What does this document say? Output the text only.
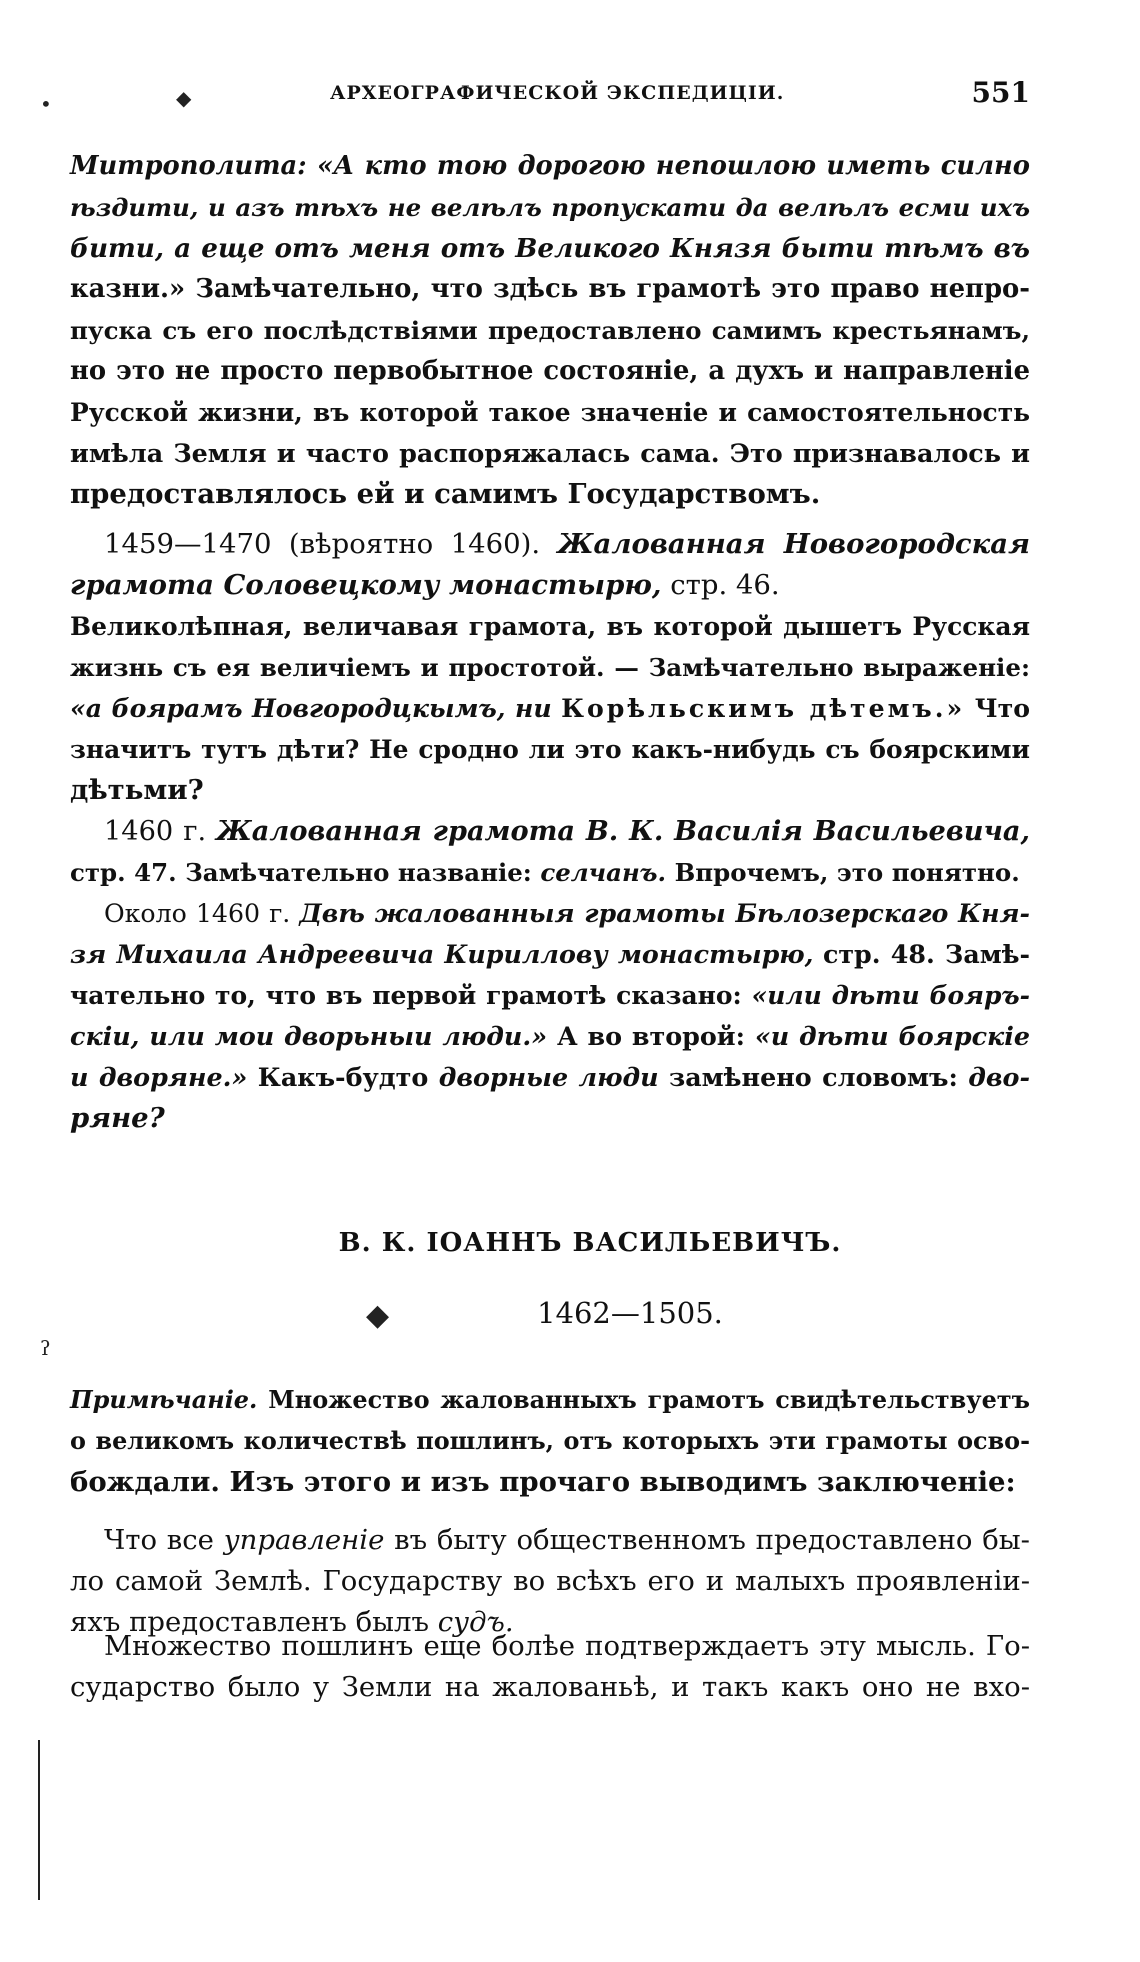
АРХЕОГРАФИЧЕСКОЙ ЭКСПЕДИЦІИ.	551
•	◆
Митрополита: «А кто тою дорогою непошлою иметь силно
ѣздити, и азъ тѣхъ не велѣлъ пропускати да велѣлъ есми ихъ
бити, а еще отъ меня отъ Великого Князя быти тѣмъ въ
казни.» Замѣчательно, что здѣсь въ грамотѣ это право непро-
пуска съ его послѣдствіями предоставлено самимъ крестьянамъ,
но это не просто первобытное состояніе, а духъ и направленіе
Русской жизни, въ которой такое значеніе и самостоятельность
имѣла Земля и часто распоряжалась сама. Это признавалось и
предоставлялось ей и самимъ Государствомъ.
1459—1470 (вѣроятно 1460). Жалованная Новогородская
грамота Соловецкому монастырю, стр. 46.
Великолѣпная, величавая грамота, въ которой дышетъ Русская
жизнь съ ея величіемъ и простотой. — Замѣчательно выраженіе:
«а боярамъ Новгородцкымъ, ни Корѣльскимъ дѣтемъ.» Что
значитъ тутъ дѣти? Не сродно ли это какъ-нибудь съ боярскими
дѣтьми?
1460 г. Жалованная грамота В. К. Василія Васильевича,
стр. 47. Замѣчательно названіе: селчанъ. Впрочемъ, это понятно.
Около 1460 г. Двѣ жалованныя грамоты Бѣлозерскаго Кня-
зя Михаила Андреевича Кириллову монастырю, стр. 48. Замѣ-
чательно то, что въ первой грамотѣ сказано: «или дѣти бояръ-
скіи, или мои дворьныи люди.» А во второй: «и дѣти боярскіе
и дворяне.» Какъ-будто дворные люди замѣнено словомъ: дво-
ряне?
В. К. ІОАННЪ ВАСИЛЬЕВИЧЪ.
1462—1505.
◆
ʔ
Примѣчаніе. Множество жалованныхъ грамотъ свидѣтельствуетъ
о великомъ количествѣ пошлинъ, отъ которыхъ эти грамоты осво-
бождали. Изъ этого и изъ прочаго выводимъ заключеніе:
Что все управленіе въ быту общественномъ предоставлено бы-
ло самой Землѣ. Государству во всѣхъ его и малыхъ проявленіи-
яхъ предоставленъ былъ судъ.
Множество пошлинъ еще болѣе подтверждаетъ эту мысль. Го-
сударство было у Земли на жалованьѣ, и такъ какъ оно не вхо-
